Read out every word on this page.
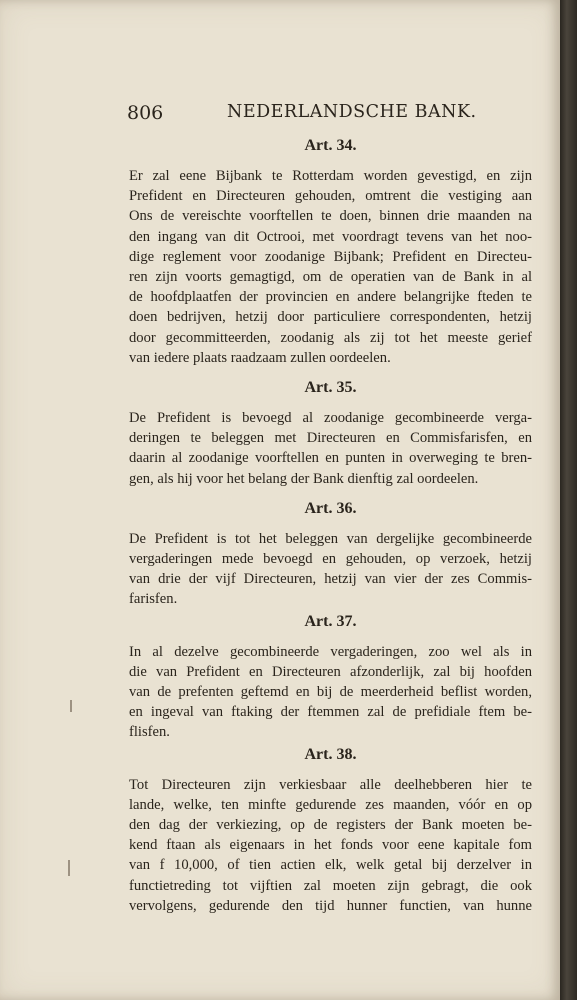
806	NEDERLANDSCHE BANK.
Art. 34.
Er zal eene Bijbank te Rotterdam worden gevestigd, en zijn
Prefident en Directeuren gehouden, omtrent die vestiging aan
Ons de vereischte voorftellen te doen, binnen drie maanden na
den ingang van dit Octrooi, met voordragt tevens van het noo-
dige reglement voor zoodanige Bijbank; Prefident en Directeu-
ren zijn voorts gemagtigd, om de operatien van de Bank in al
de hoofdplaatfen der provincien en andere belangrijke fteden te
doen bedrijven, hetzij door particuliere correspondenten, hetzij
door gecommitteerden, zoodanig als zij tot het meeste gerief
van iedere plaats raadzaam zullen oordeelen.
Art. 35.
De Prefident is bevoegd al zoodanige gecombineerde verga-
deringen te beleggen met Directeuren en Commisfarisfen, en
daarin al zoodanige voorftellen en punten in overweging te bren-
gen, als hij voor het belang der Bank dienftig zal oordeelen.
Art. 36.
De Prefident is tot het beleggen van dergelijke gecombineerde
vergaderingen mede bevoegd en gehouden, op verzoek, hetzij
van drie der vijf Directeuren, hetzij van vier der zes Commis-
farisfen.
Art. 37.
In al dezelve gecombineerde vergaderingen, zoo wel als in
die van Prefident en Directeuren afzonderlijk, zal bij hoofden
van de prefenten geftemd en bij de meerderheid beflist worden,
en ingeval van ftaking der ftemmen zal de prefidiale ftem be-
flisfen.
Art. 38.
Tot Directeuren zijn verkiesbaar alle deelhebberen hier te
lande, welke, ten minfte gedurende zes maanden, vóór en op
den dag der verkiezing, op de registers der Bank moeten be-
kend ftaan als eigenaars in het fonds voor eene kapitale fom
van f 10,000, of tien actien elk, welk getal bij derzelver in
functietreding tot vijftien zal moeten zijn gebragt, die ook
vervolgens, gedurende den tijd hunner functien, van hunne
